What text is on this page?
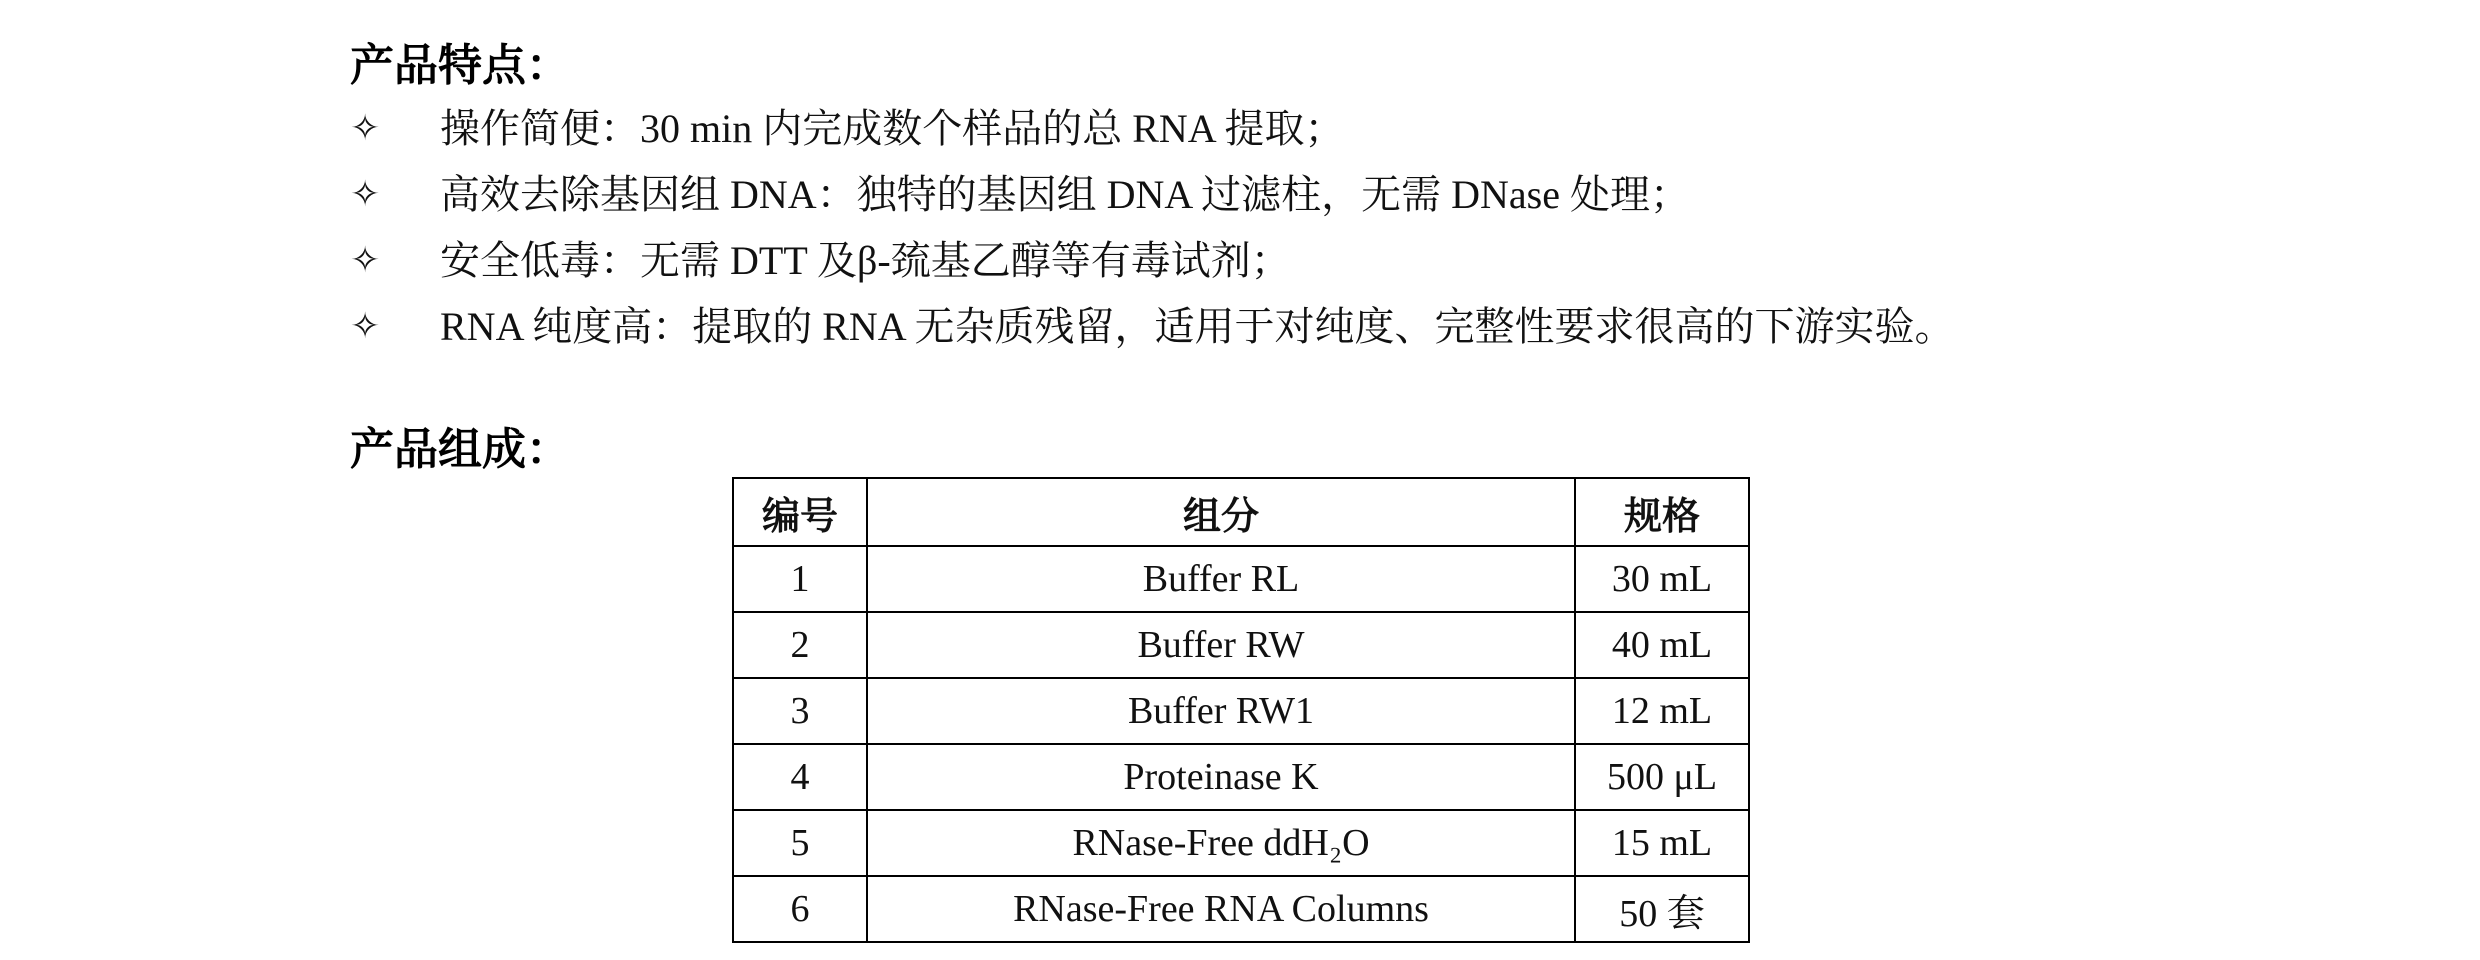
产品特点：
✧	操作简便：30 min 内完成数个样品的总 RNA 提取；
✧	高效去除基因组 DNA：独特的基因组 DNA 过滤柱，无需 DNase 处理；
✧	安全低毒：无需 DTT 及β-巯基乙醇等有毒试剂；
✧	RNA 纯度高：提取的 RNA 无杂质残留，适用于对纯度、完整性要求很高的下游实验。
产品组成：
编号	组分	规格
1	Buffer RL	30 mL
2	Buffer RW	40 mL
3	Buffer RW1	12 mL
4	Proteinase K	500 μL
5	RNase-Free ddH₂O	15 mL
6	RNase-Free RNA Columns	50 套
